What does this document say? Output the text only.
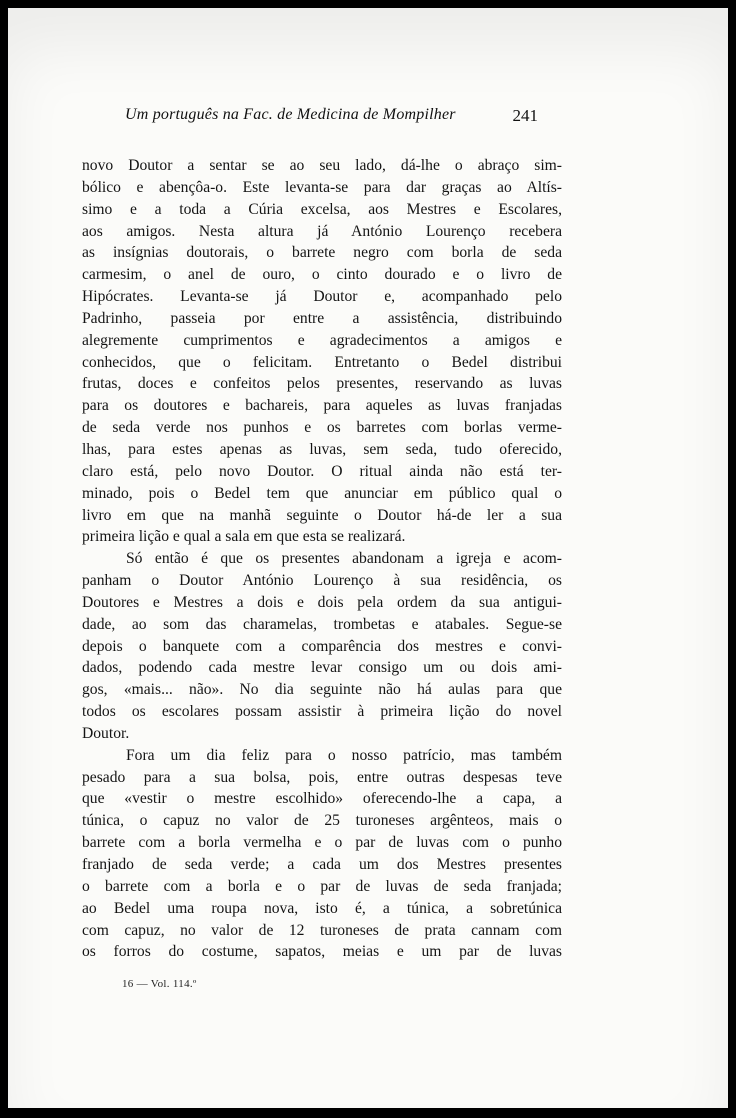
Um português na Fac. de Medicina de Mompilher	241
novo Doutor a sentar se ao seu lado, dá-lhe o abraço sim-
bólico e abençôa-o. Este levanta-se para dar graças ao Altís-
simo e a toda a Cúria excelsa, aos Mestres e Escolares,
aos amigos. Nesta altura já António Lourenço recebera
as insígnias doutorais, o barrete negro com borla de seda
carmesim, o anel de ouro, o cinto dourado e o livro de
Hipócrates. Levanta-se já Doutor e, acompanhado pelo
Padrinho, passeia por entre a assistência, distribuindo
alegremente cumprimentos e agradecimentos a amigos e
conhecidos, que o felicitam. Entretanto o Bedel distribui
frutas, doces e confeitos pelos presentes, reservando as luvas
para os doutores e bachareis, para aqueles as luvas franjadas
de seda verde nos punhos e os barretes com borlas verme-
lhas, para estes apenas as luvas, sem seda, tudo oferecido,
claro está, pelo novo Doutor. O ritual ainda não está ter-
minado, pois o Bedel tem que anunciar em público qual o
livro em que na manhã seguinte o Doutor há-de ler a sua
primeira lição e qual a sala em que esta se realizará.
Só então é que os presentes abandonam a igreja e acom-
panham o Doutor António Lourenço à sua residência, os
Doutores e Mestres a dois e dois pela ordem da sua antigui-
dade, ao som das charamelas, trombetas e atabales. Segue-se
depois o banquete com a comparência dos mestres e convi-
dados, podendo cada mestre levar consigo um ou dois ami-
gos, «mais... não». No dia seguinte não há aulas para que
todos os escolares possam assistir à primeira lição do novel
Doutor.
Fora um dia feliz para o nosso patrício, mas também
pesado para a sua bolsa, pois, entre outras despesas teve
que «vestir o mestre escolhido» oferecendo-lhe a capa, a
túnica, o capuz no valor de 25 turoneses argênteos, mais o
barrete com a borla vermelha e o par de luvas com o punho
franjado de seda verde; a cada um dos Mestres presentes
o barrete com a borla e o par de luvas de seda franjada;
ao Bedel uma roupa nova, isto é, a túnica, a sobretúnica
com capuz, no valor de 12 turoneses de prata cannam com
os forros do costume, sapatos, meias e um par de luvas
16 — Vol. 114.º
